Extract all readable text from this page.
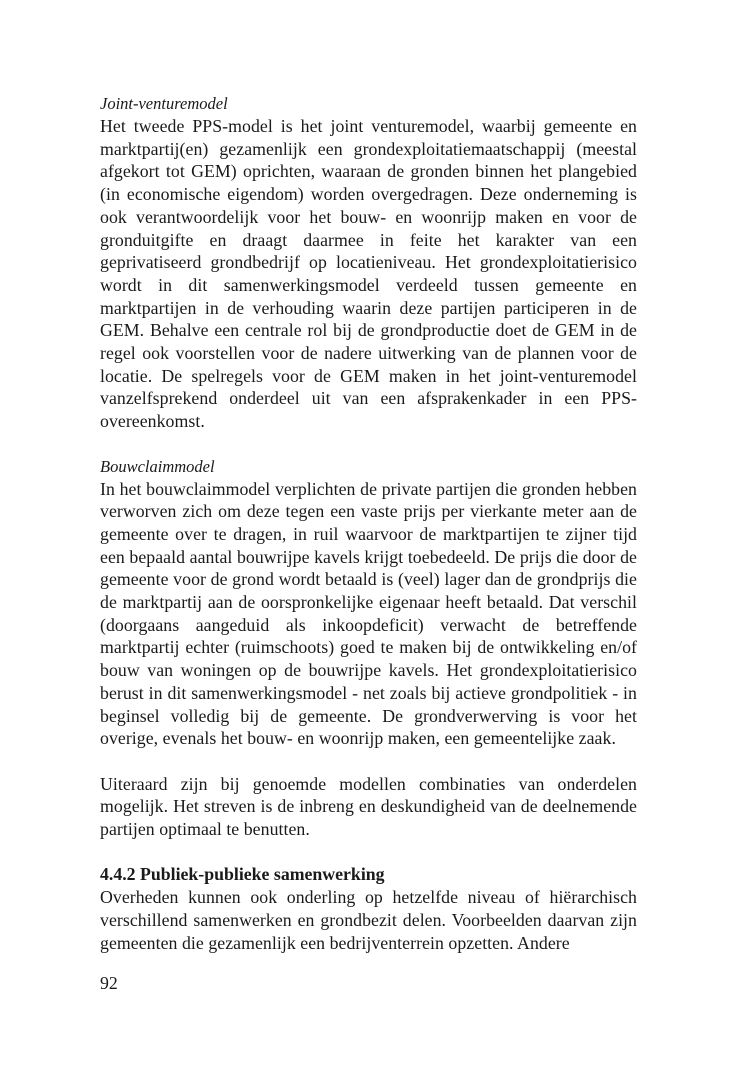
Joint-venturemodel

Het tweede PPS-model is het joint venturemodel, waarbij gemeente en marktpartij(en) gezamenlijk een grondexploitatiemaatschappij (meestal afgekort tot GEM) oprichten, waaraan de gronden binnen het plangebied (in economische eigendom) worden overgedragen. Deze onderneming is ook verantwoordelijk voor het bouw- en woonrijp maken en voor de gronduitgifte en draagt daarmee in feite het karakter van een geprivatiseerd grondbedrijf op locatieniveau. Het grondexploitatierisico wordt in dit samenwerkingsmodel verdeeld tussen gemeente en marktpartijen in de verhouding waarin deze partijen participeren in de GEM. Behalve een centrale rol bij de grondproductie doet de GEM in de regel ook voorstellen voor de nadere uitwerking van de plannen voor de locatie. De spelregels voor de GEM maken in het joint-venturemodel vanzelfsprekend onderdeel uit van een afsprakenkader in een PPS-overeenkomst.

Bouwclaimmodel

In het bouwclaimmodel verplichten de private partijen die gronden hebben verworven zich om deze tegen een vaste prijs per vierkante meter aan de gemeente over te dragen, in ruil waarvoor de marktpartijen te zijner tijd een bepaald aantal bouwrijpe kavels krijgt toebedeeld. De prijs die door de gemeente voor de grond wordt betaald is (veel) lager dan de grondprijs die de marktpartij aan de oorspronkelijke eigenaar heeft betaald. Dat verschil (doorgaans aangeduid als inkoopdeficit) verwacht de betreffende marktpartij echter (ruimschoots) goed te maken bij de ontwikkeling en/of bouw van woningen op de bouwrijpe kavels. Het grondexploitatierisico berust in dit samenwerkingsmodel - net zoals bij actieve grondpolitiek - in beginsel volledig bij de gemeente. De grondverwerving is voor het overige, evenals het bouw- en woonrijp maken, een gemeentelijke zaak.

Uiteraard zijn bij genoemde modellen combinaties van onderdelen mogelijk. Het streven is de inbreng en deskundigheid van de deelnemende partijen optimaal te benutten.

4.4.2 Publiek-publieke samenwerking

Overheden kunnen ook onderling op hetzelfde niveau of hiërarchisch verschillend samenwerken en grondbezit delen. Voorbeelden daarvan zijn gemeenten die gezamenlijk een bedrijventerrein opzetten. Andere

92
